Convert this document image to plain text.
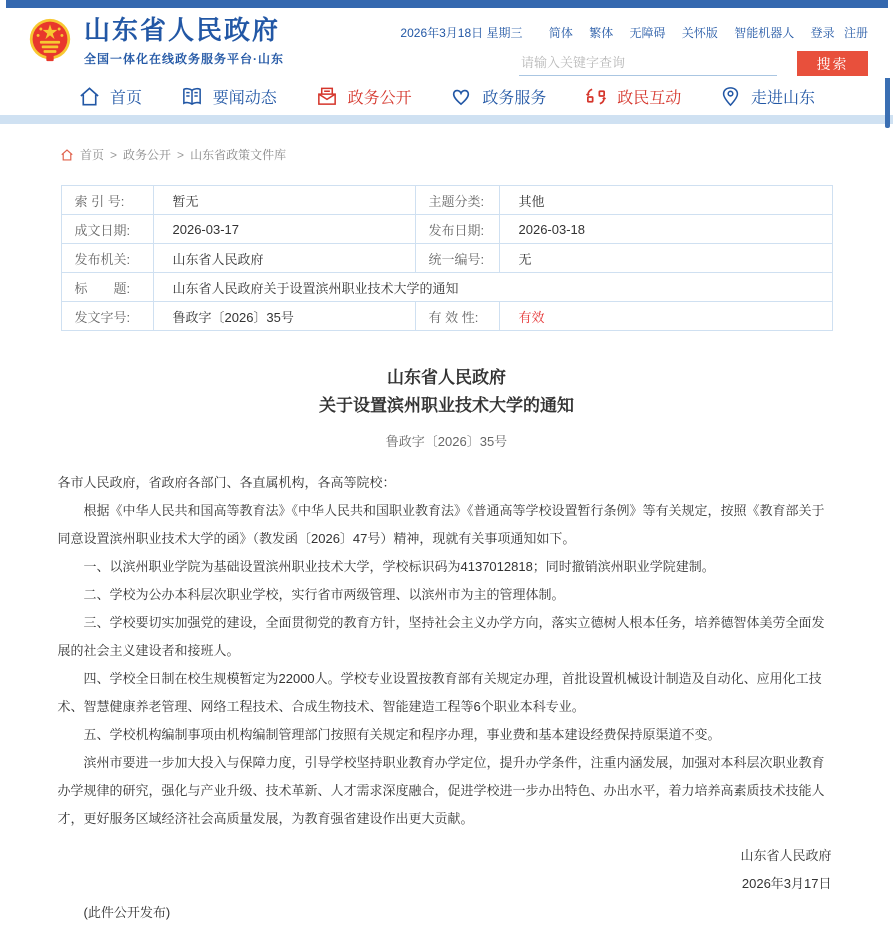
山东省人民政府
全国一体化在线政务服务平台·山东
2026年3月18日 星期三 简体 繁体 无障碍 关怀版 智能机器人 登录 注册
请输入关键字查询
搜索
首页	要闻动态	政务公开	政务服务	政民互动	走进山东
首页 > 政务公开 > 山东省政策文件库
索 引 号:	暂无	主题分类:	其他
成文日期:	2026-03-17	发布日期:	2026-03-18
发布机关:	山东省人民政府	统一编号:	无
标　　题:	山东省人民政府关于设置滨州职业技术大学的通知		
发文字号:	鲁政字〔2026〕35号	有 效 性:	有效
山东省人民政府
关于设置滨州职业技术大学的通知
鲁政字〔2026〕35号

各市人民政府，省政府各部门、各直属机构，各高等院校：

根据《中华人民共和国高等教育法》《中华人民共和国职业教育法》《普通高等学校设置暂行条例》等有关规定，按照《教育部关于同意设置滨州职业技术大学的函》（教发函〔2026〕47号）精神，现就有关事项通知如下。

一、以滨州职业学院为基础设置滨州职业技术大学，学校标识码为4137012818；同时撤销滨州职业学院建制。

二、学校为公办本科层次职业学校，实行省市两级管理、以滨州市为主的管理体制。

三、学校要切实加强党的建设，全面贯彻党的教育方针，坚持社会主义办学方向，落实立德树人根本任务，培养德智体美劳全面发展的社会主义建设者和接班人。

四、学校全日制在校生规模暂定为22000人。学校专业设置按教育部有关规定办理，首批设置机械设计制造及自动化、应用化工技术、智慧健康养老管理、网络工程技术、合成生物技术、智能建造工程等6个职业本科专业。

五、学校机构编制事项由机构编制管理部门按照有关规定和程序办理，事业费和基本建设经费保持原渠道不变。

滨州市要进一步加大投入与保障力度，引导学校坚持职业教育办学定位，提升办学条件，注重内涵发展，加强对本科层次职业教育办学规律的研究，强化与产业升级、技术革新、人才需求深度融合，促进学校进一步办出特色、办出水平，着力培养高素质技术技能人才，更好服务区域经济社会高质量发展，为教育强省建设作出更大贡献。

山东省人民政府
2026年3月17日
(此件公开发布)
